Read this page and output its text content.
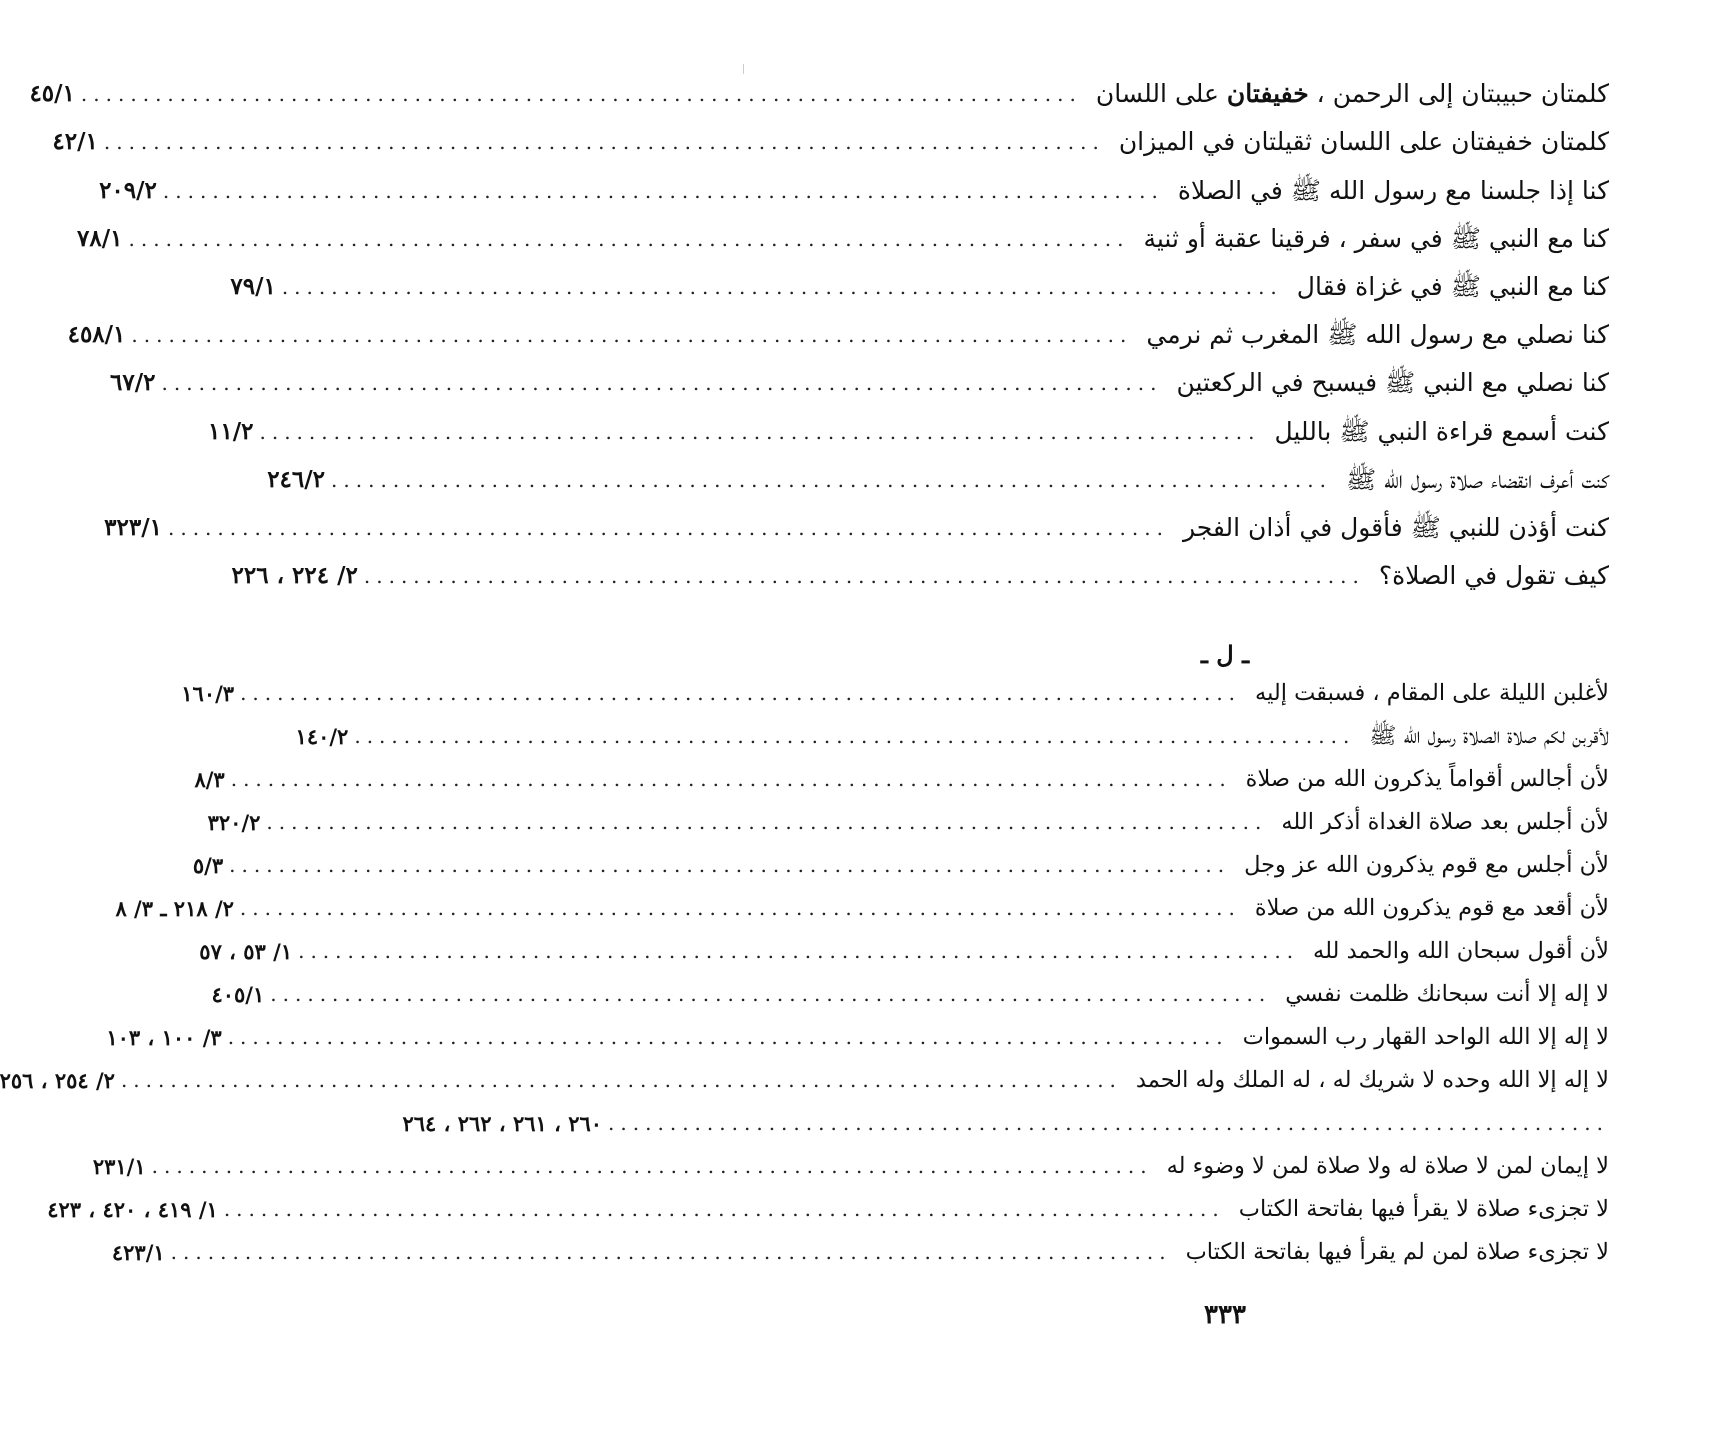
كلمتان حبيبتان إلى الرحمن ، خفيفتان على اللسان
.................................................................................
٤٥/١
كلمتان خفيفتان على اللسان ثقيلتان في الميزان
.................................................................................
٤٢/١
كنا إذا جلسنا مع رسول الله ﷺ في الصلاة
.................................................................................
٢٠٩/٢
كنا مع النبي ﷺ في سفر ، فرقينا عقبة أو ثنية
.................................................................................
٧٨/١
كنا مع النبي ﷺ في غزاة فقال
.................................................................................
٧٩/١
كنا نصلي مع رسول الله ﷺ المغرب ثم نرمي
.................................................................................
٤٥٨/١
كنا نصلي مع النبي ﷺ فيسبح في الركعتين
.................................................................................
٦٧/٢
كنت أسمع قراءة النبي ﷺ بالليل
.................................................................................
١١/٢
كنت أعرف انقضاء صلاة رسول الله ﷺ
.................................................................................
٢٤٦/٢
كنت أؤذن للنبي ﷺ فأقول في أذان الفجر
.................................................................................
٣٢٣/١
كيف تقول في الصلاة؟
.................................................................................
٢/ ٢٢٤ ، ٢٢٦
ـ ل ـ
لأغلبن الليلة على المقام ، فسبقت إليه
.................................................................................
١٦٠/٣
لأقربن لكم صلاة الصلاة رسول الله ﷺ
.................................................................................
١٤٠/٢
لأن أجالس أقواماً يذكرون الله من صلاة
.................................................................................
٨/٣
لأن أجلس بعد صلاة الغداة أذكر الله
.................................................................................
٣٢٠/٢
لأن أجلس مع قوم يذكرون الله عز وجل
.................................................................................
٥/٣
لأن أقعد مع قوم يذكرون الله من صلاة
.................................................................................
٢/ ٢١٨ ـ ٣/ ٨
لأن أقول سبحان الله والحمد لله
.................................................................................
١/ ٥٣ ، ٥٧
لا إله إلا أنت سبحانك ظلمت نفسي
.................................................................................
٤٠٥/١
لا إله إلا الله الواحد القهار رب السموات
.................................................................................
٣/ ١٠٠ ، ١٠٣
لا إله إلا الله وحده لا شريك له ، له الملك وله الحمد
.................................................................................
٢/ ٢٥٤ ، ٢٥٦
.................................................................................
٢٦٠ ، ٢٦١ ، ٢٦٢ ، ٢٦٤
لا إيمان لمن لا صلاة له ولا صلاة لمن لا وضوء له
.................................................................................
٢٣١/١
لا تجزىء صلاة لا يقرأ فيها بفاتحة الكتاب
.................................................................................
١/ ٤١٩ ، ٤٢٠ ، ٤٢٣
لا تجزىء صلاة لمن لم يقرأ فيها بفاتحة الكتاب
.................................................................................
٤٢٣/١
٣٣٣
